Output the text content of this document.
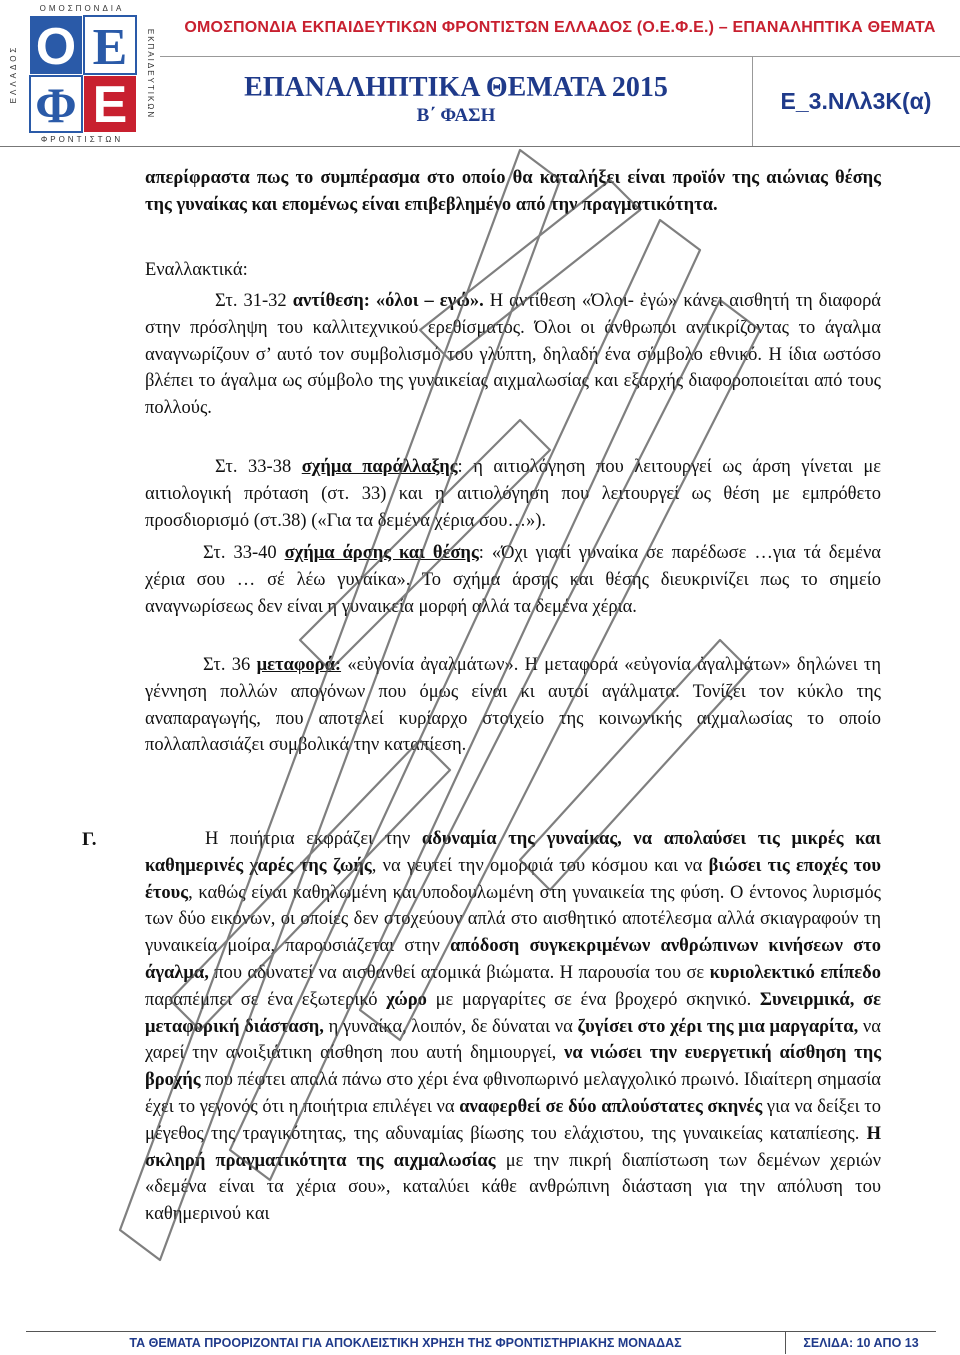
Ο Ε
Φ Ε
ΟΜΟΣΠΟΝΔΙΑ
ΦΡΟΝΤΙΣΤΩΝ
ΕΛΛΑΔΟΣ	ΕΚΠΑΙΔΕΥΤΙΚΩΝ
ΟΜΟΣΠΟΝΔΙΑ ΕΚΠΑΙΔΕΥΤΙΚΩΝ ΦΡΟΝΤΙΣΤΩΝ ΕΛΛΑΔΟΣ (Ο.Ε.Φ.Ε.) – ΕΠΑΝΑΛΗΠΤΙΚΑ ΘΕΜΑΤΑ
ΕΠΑΝΑΛΗΠΤΙΚΑ ΘΕΜΑΤΑ 2015
Β΄ ΦΑΣΗ
Ε_3.ΝΛλ3Κ(α)
απερίφραστα πως το συμπέρασμα στο οποίο θα καταλήξει είναι προϊόν της αιώνιας θέσης της γυναίκας και επομένως είναι επιβεβλημένο από την πραγματικότητα.
Εναλλακτικά:
Στ. 31-32 αντίθεση: «όλοι – εγώ». Η αντίθεση «Όλοι- ἐγώ» κάνει αισθητή τη διαφορά στην πρόσληψη του καλλιτεχνικού ερεθίσματος. Όλοι οι άνθρωποι αντικρίζοντας το άγαλμα αναγνωρίζουν σ’ αυτό τον συμβολισμό του γλύπτη, δηλαδή ένα σύμβολο εθνικό. Η ίδια ωστόσο βλέπει το άγαλμα ως σύμβολο της γυναικείας αιχμαλωσίας και εξαρχής διαφοροποιείται από τους πολλούς.
Στ. 33-38 σχήμα παράλλαξης: η αιτιολόγηση που λειτουργεί ως άρση γίνεται με αιτιολογική πρόταση (στ. 33) και η αιτιολόγηση που λειτουργεί ως θέση με εμπρόθετο προσδιορισμό (στ.38) («Για τα δεμένα χέρια σου…»).
Στ. 33-40 σχήμα άρσης και θέσης: «Όχι γιατί γυναίκα σε παρέδωσε …για τά δεμένα χέρια σου … σέ λέω γυναίκα». Το σχήμα άρσης και θέσης διευκρινίζει πως το σημείο αναγνωρίσεως δεν είναι η γυναικεία μορφή αλλά τα δεμένα χέρια.
Στ. 36 μεταφορά: «εὐγονία ἀγαλμάτων». Η μεταφορά «εὐγονία ἀγαλμάτων» δηλώνει τη γέννηση πολλών απογόνων που όμως είναι κι αυτοί αγάλματα. Τονίζει τον κύκλο της αναπαραγωγής, που αποτελεί κυρίαρχο στοιχείο της κοινωνικής αιχμαλωσίας το οποίο πολλαπλασιάζει συμβολικά την καταπίεση.
Γ.	Η ποιήτρια εκφράζει την αδυναμία της γυναίκας, να απολαύσει τις μικρές και καθημερινές χαρές της ζωής, να γευτεί την ομορφιά του κόσμου και να βιώσει τις εποχές του έτους, καθώς είναι καθηλωμένη και υποδουλωμένη στη γυναικεία της φύση. Ο έντονος λυρισμός των δύο εικόνων, οι οποίες δεν στοχεύουν απλά στο αισθητικό αποτέλεσμα αλλά σκιαγραφούν τη γυναικεία μοίρα, παρουσιάζεται στην απόδοση συγκεκριμένων ανθρώπινων κινήσεων στο άγαλμα, που αδυνατεί να αισθανθεί ατομικά βιώματα. Η παρουσία του σε κυριολεκτικό επίπεδο παραπέμπει σε ένα εξωτερικό χώρο με μαργαρίτες σε ένα βροχερό σκηνικό. Συνειρμικά, σε μεταφορική διάσταση, η γυναίκα, λοιπόν, δε δύναται να ζυγίσει στο χέρι της μια μαργαρίτα, να χαρεί την ανοιξιάτικη αίσθηση που αυτή δημιουργεί, να νιώσει την ευεργετική αίσθηση της βροχής που πέφτει απαλά πάνω στο χέρι ένα φθινοπωρινό μελαγχολικό πρωινό. Ιδιαίτερη σημασία έχει το γεγονός ότι η ποιήτρια επιλέγει να αναφερθεί σε δύο απλούστατες σκηνές για να δείξει το μέγεθος της τραγικότητας, της αδυναμίας βίωσης του ελάχιστου, της γυναικείας καταπίεσης. Η σκληρή πραγματικότητα της αιχμαλωσίας με την πικρή διαπίστωση των δεμένων χεριών «δεμένα είναι τα χέρια σου», καταλύει κάθε ανθρώπινη διάσταση για την απόλυση του καθημερινού και
ΤΑ ΘΕΜΑΤΑ ΠΡΟΟΡΙΖΟΝΤΑΙ ΓΙΑ ΑΠΟΚΛΕΙΣΤΙΚΗ ΧΡΗΣΗ ΤΗΣ ΦΡΟΝΤΙΣΤΗΡΙΑΚΗΣ ΜΟΝΑΔΑΣ	ΣΕΛΙΔΑ: 10 ΑΠΟ 13
